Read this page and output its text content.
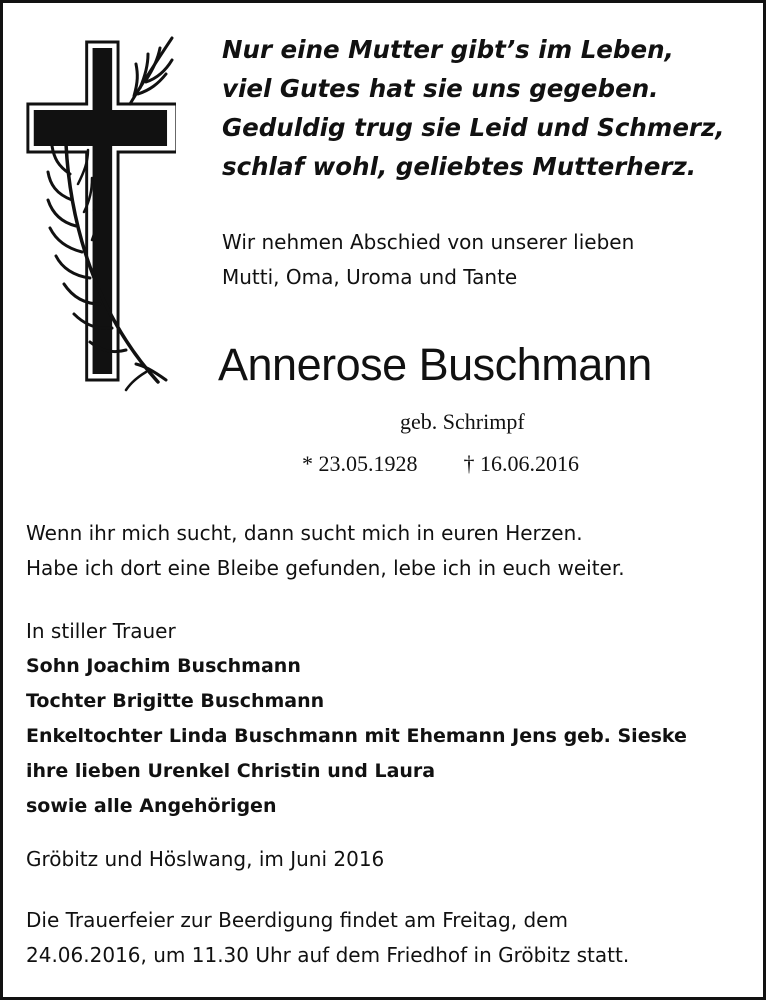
Nur eine Mutter gibt’s im Leben,
viel Gutes hat sie uns gegeben.
Geduldig trug sie Leid und Schmerz,
schlaf wohl, geliebtes Mutterherz.
Wir nehmen Abschied von unserer lieben
Mutti, Oma, Uroma und Tante
Annerose Buschmann
geb. Schrimpf
* 23.05.1928 † 16.06.2016
Wenn ihr mich sucht, dann sucht mich in euren Herzen.
Habe ich dort eine Bleibe gefunden, lebe ich in euch weiter.
In stiller Trauer
Sohn Joachim Buschmann
Tochter Brigitte Buschmann
Enkeltochter Linda Buschmann mit Ehemann Jens geb. Sieske
ihre lieben Urenkel Christin und Laura
sowie alle Angehörigen
Gröbitz und Höslwang, im Juni 2016
Die Trauerfeier zur Beerdigung findet am Freitag, dem
24.06.2016, um 11.30 Uhr auf dem Friedhof in Gröbitz statt.
